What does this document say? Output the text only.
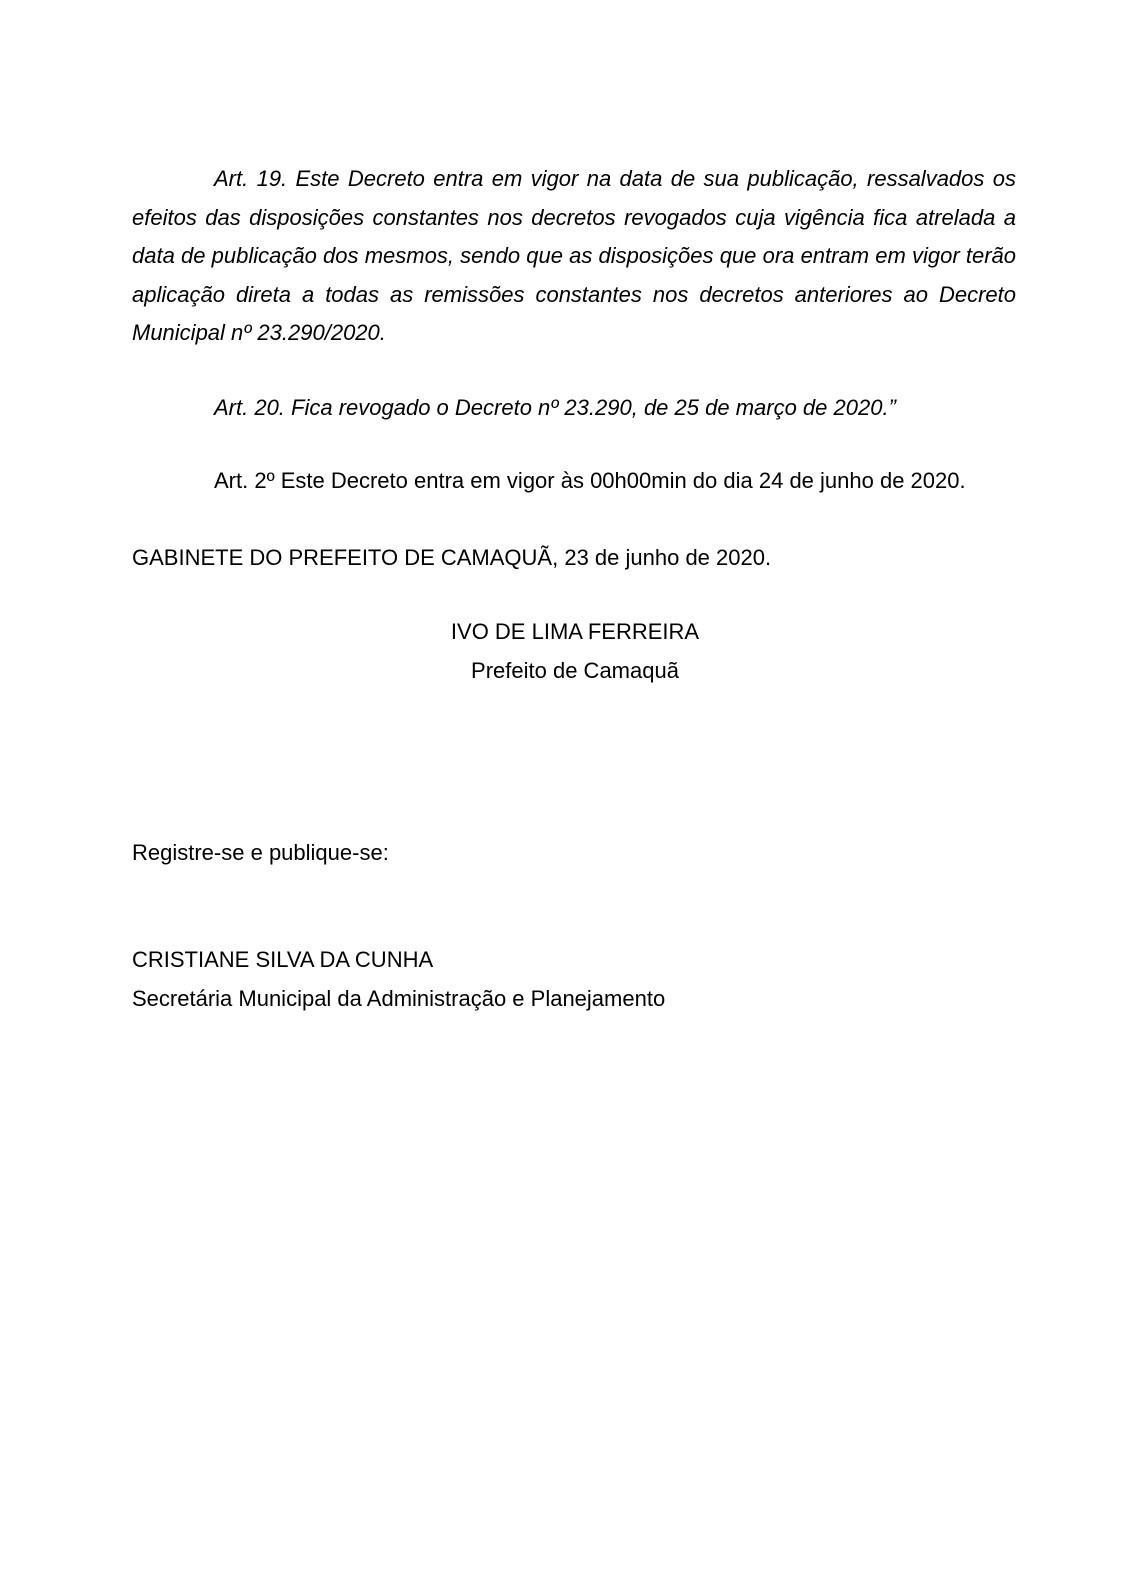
Art. 19. Este Decreto entra em vigor na data de sua publicação, ressalvados os efeitos das disposições constantes nos decretos revogados cuja vigência fica atrelada a data de publicação dos mesmos, sendo que as disposições que ora entram em vigor terão aplicação direta a todas as remissões constantes nos decretos anteriores ao Decreto Municipal nº 23.290/2020.

Art. 20. Fica revogado o Decreto nº 23.290, de 25 de março de 2020.”

Art. 2º Este Decreto entra em vigor às 00h00min do dia 24 de junho de 2020.

GABINETE DO PREFEITO DE CAMAQUÃ, 23 de junho de 2020.

IVO DE LIMA FERREIRA
Prefeito de Camaquã

Registre-se e publique-se:

CRISTIANE SILVA DA CUNHA
Secretária Municipal da Administração e Planejamento
